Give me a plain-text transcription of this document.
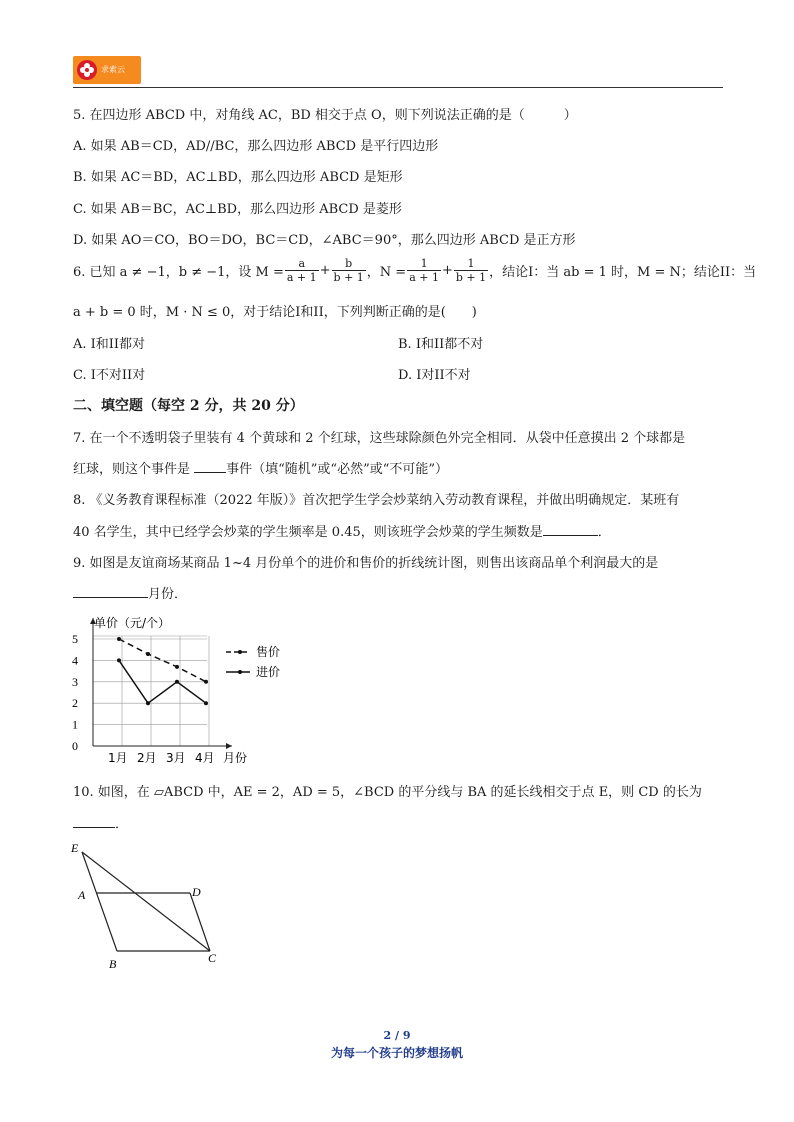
求索云
5. 在四边形 ABCD 中，对角线 AC，BD 相交于点 O，则下列说法正确的是（　　　）
A. 如果 AB＝CD，AD//BC，那么四边形 ABCD 是平行四边形
B. 如果 AC＝BD，AC⊥BD，那么四边形 ABCD 是矩形
C. 如果 AB＝BC，AC⊥BD，那么四边形 ABCD 是菱形
D. 如果 AO＝CO，BO＝DO，BC＝CD，∠ABC＝90°，那么四边形 ABCD 是正方形
6. 已知 a ≠ −1，b ≠ −1，设 $M = \frac{a}{a + 1} + \frac{b}{b + 1}$ ，$N = \frac{1}{a + 1} + \frac{1}{b + 1}$ ，结论I：当 ab = 1 时，M = N；结论II：当
a + b = 0 时，M · N ≤ 0，对于结论I和II，下列判断正确的是(　　)
A. I和II都对	B. I和II都不对
C. I不对II对	D. I对II不对
二、填空题（每空 2 分，共 20 分）
7. 在一个不透明袋子里装有 4 个黄球和 2 个红球，这些球除颜色外完全相同．从袋中任意摸出 2 个球都是
红球，则这个事件是 事件（填“随机”或“必然”或“不可能”）
8. 《义务教育课程标准（2022 年版）》首次把学生学会炒菜纳入劳动教育课程，并做出明确规定．某班有
40 名学生，其中已经学会炒菜的学生频率是 0.45，则该班学会炒菜的学生频数是	．
9. 如图是友谊商场某商品 1~4 月份单个的进价和售价的折线统计图，则售出该商品单个利润最大的是
月份．
0
1
2
3
4
5
单价（元/个）
1月 2月 3月 4月 月份
售价
进价
10. 如图，在 ▱ABCD 中，AE = 2，AD = 5，∠BCD 的平分线与 BA 的延长线相交于点 E，则 CD 的长为
．
E
A	D
B	C
2 / 9
为每一个孩子的梦想扬帆
